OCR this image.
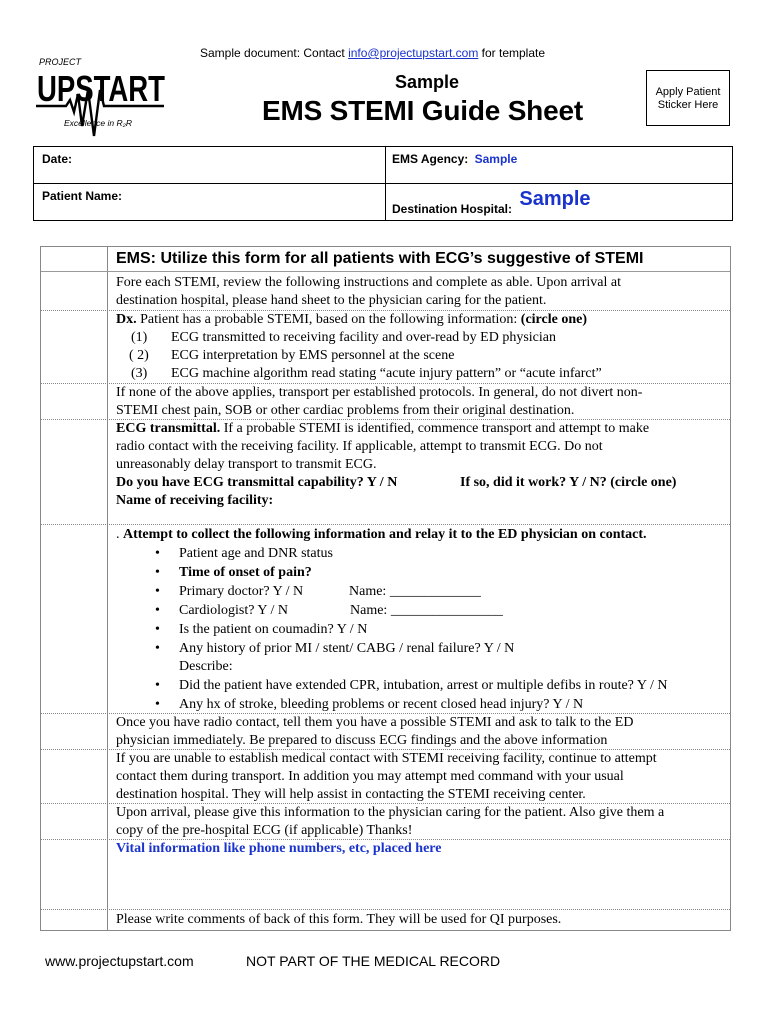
Sample document: Contact info@projectupstart.com for template
PROJECT
UPSTART
Excellence in R₂R
Sample
EMS STEMI Guide Sheet
Apply Patient
Sticker Here
Date:	EMS Agency: Sample
Patient Name:
Destination Hospital: Sample
EMS: Utilize this form for all patients with ECG’s suggestive of STEMI
Fore each STEMI, review the following instructions and complete as able. Upon arrival at
destination hospital, please hand sheet to the physician caring for the patient.
Dx. Patient has a probable STEMI, based on the following information: (circle one)
(1) ECG transmitted to receiving facility and over-read by ED physician
( 2) ECG interpretation by EMS personnel at the scene
(3) ECG machine algorithm read stating “acute injury pattern” or “acute infarct”
If none of the above applies, transport per established protocols. In general, do not divert non-
STEMI chest pain, SOB or other cardiac problems from their original destination.
ECG transmittal. If a probable STEMI is identified, commence transport and attempt to make
radio contact with the receiving facility. If applicable, attempt to transmit ECG. Do not
unreasonably delay transport to transmit ECG.
Do you have ECG transmittal capability? Y / N	If so, did it work? Y / N? (circle one)
Name of receiving facility:
. Attempt to collect the following information and relay it to the ED physician on contact.
• Patient age and DNR status
• Time of onset of pain?
• Primary doctor? Y / N	Name: _____________
• Cardiologist? Y / N	Name: ________________
• Is the patient on coumadin? Y / N
• Any history of prior MI / stent/ CABG / renal failure? Y / N
Describe:
• Did the patient have extended CPR, intubation, arrest or multiple defibs in route? Y / N
• Any hx of stroke, bleeding problems or recent closed head injury? Y / N
Once you have radio contact, tell them you have a possible STEMI and ask to talk to the ED
physician immediately. Be prepared to discuss ECG findings and the above information
If you are unable to establish medical contact with STEMI receiving facility, continue to attempt
contact them during transport. In addition you may attempt med command with your usual
destination hospital. They will help assist in contacting the STEMI receiving center.
Upon arrival, please give this information to the physician caring for the patient. Also give them a
copy of the pre-hospital ECG (if applicable) Thanks!
Vital information like phone numbers, etc, placed here
Please write comments of back of this form. They will be used for QI purposes.
www.projectupstart.com	NOT PART OF THE MEDICAL RECORD
